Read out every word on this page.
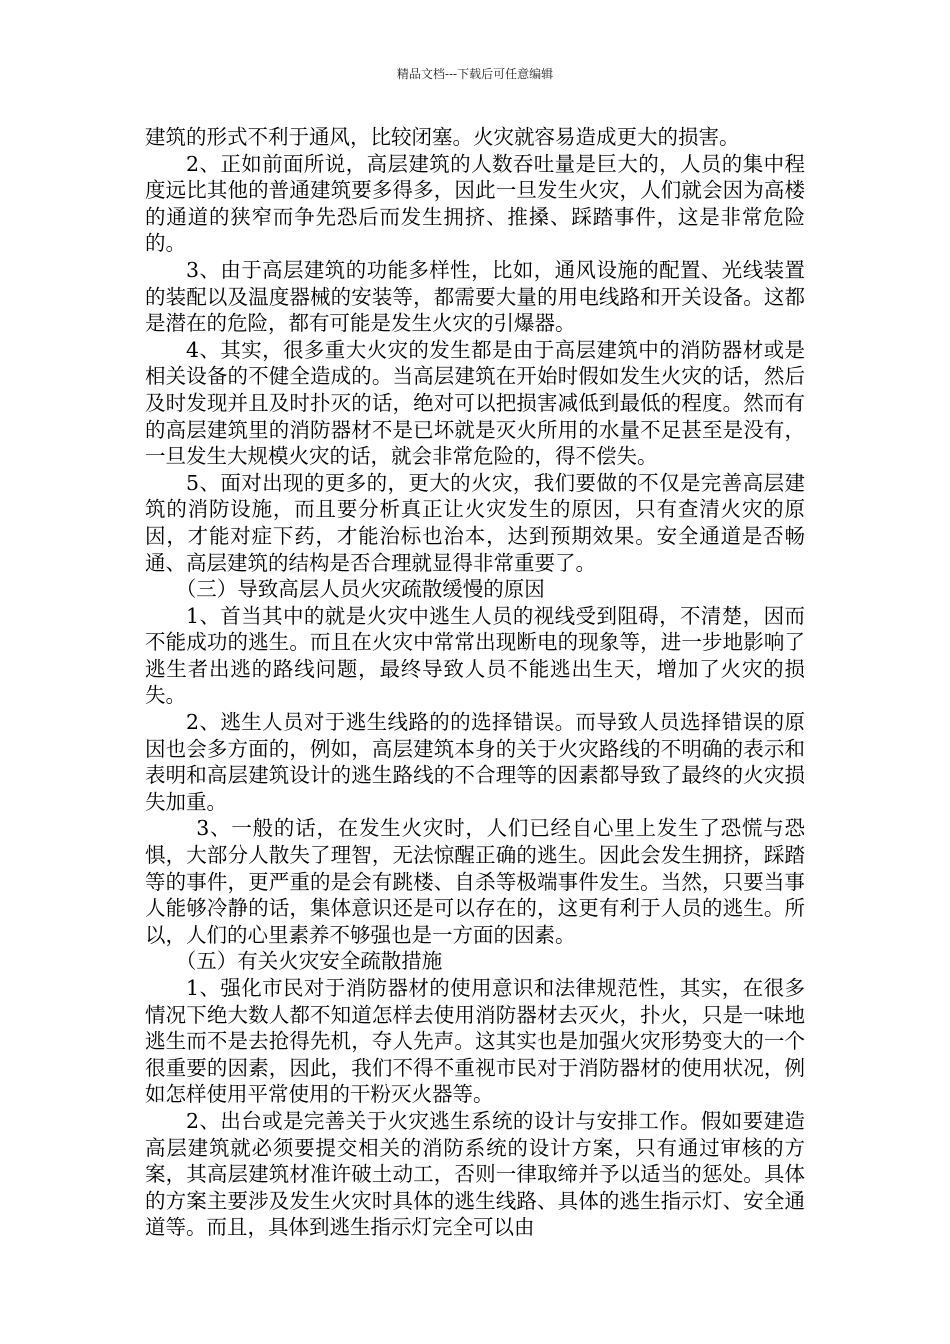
精品文档---下载后可任意编辑

建筑的形式不利于通风，比较闭塞。火灾就容易造成更大的损害。

2、正如前面所说，高层建筑的人数吞吐量是巨大的，人员的集中程度远比其他的普通建筑要多得多，因此一旦发生火灾，人们就会因为高楼的通道的狭窄而争先恐后而发生拥挤、推搡、踩踏事件，这是非常危险的。

3、由于高层建筑的功能多样性，比如，通风设施的配置、光线装置的装配以及温度器械的安装等，都需要大量的用电线路和开关设备。这都是潜在的危险，都有可能是发生火灾的引爆器。

4、其实，很多重大火灾的发生都是由于高层建筑中的消防器材或是相关设备的不健全造成的。当高层建筑在开始时假如发生火灾的话，然后及时发现并且及时扑灭的话，绝对可以把损害减低到最低的程度。然而有的高层建筑里的消防器材不是已坏就是灭火所用的水量不足甚至是没有，一旦发生大规模火灾的话，就会非常危险的，得不偿失。

5、面对出现的更多的，更大的火灾，我们要做的不仅是完善高层建筑的消防设施，而且要分析真正让火灾发生的原因，只有查清火灾的原因，才能对症下药，才能治标也治本，达到预期效果。安全通道是否畅通、高层建筑的结构是否合理就显得非常重要了。

（三）导致高层人员火灾疏散缓慢的原因

1、首当其中的就是火灾中逃生人员的视线受到阻碍，不清楚，因而不能成功的逃生。而且在火灾中常常出现断电的现象等，进一步地影响了逃生者出逃的路线问题，最终导致人员不能逃出生天，增加了火灾的损失。

2、逃生人员对于逃生线路的的选择错误。而导致人员选择错误的原因也会多方面的，例如，高层建筑本身的关于火灾路线的不明确的表示和表明和高层建筑设计的逃生路线的不合理等的因素都导致了最终的火灾损失加重。

3、一般的话，在发生火灾时，人们已经自心里上发生了恐慌与恐惧，大部分人散失了理智，无法惊醒正确的逃生。因此会发生拥挤，踩踏等的事件，更严重的是会有跳楼、自杀等极端事件发生。当然，只要当事人能够冷静的话，集体意识还是可以存在的，这更有利于人员的逃生。所以，人们的心里素养不够强也是一方面的因素。

（五）有关火灾安全疏散措施

1、强化市民对于消防器材的使用意识和法律规范性，其实，在很多情况下绝大数人都不知道怎样去使用消防器材去灭火，扑火，只是一味地逃生而不是去抢得先机，夺人先声。这其实也是加强火灾形势变大的一个很重要的因素，因此，我们不得不重视市民对于消防器材的使用状况，例如怎样使用平常使用的干粉灭火器等。

2、出台或是完善关于火灾逃生系统的设计与安排工作。假如要建造高层建筑就必须要提交相关的消防系统的设计方案，只有通过审核的方案，其高层建筑材准许破土动工，否则一律取缔并予以适当的惩处。具体的方案主要涉及发生火灾时具体的逃生线路、具体的逃生指示灯、安全通道等。而且，具体到逃生指示灯完全可以由
